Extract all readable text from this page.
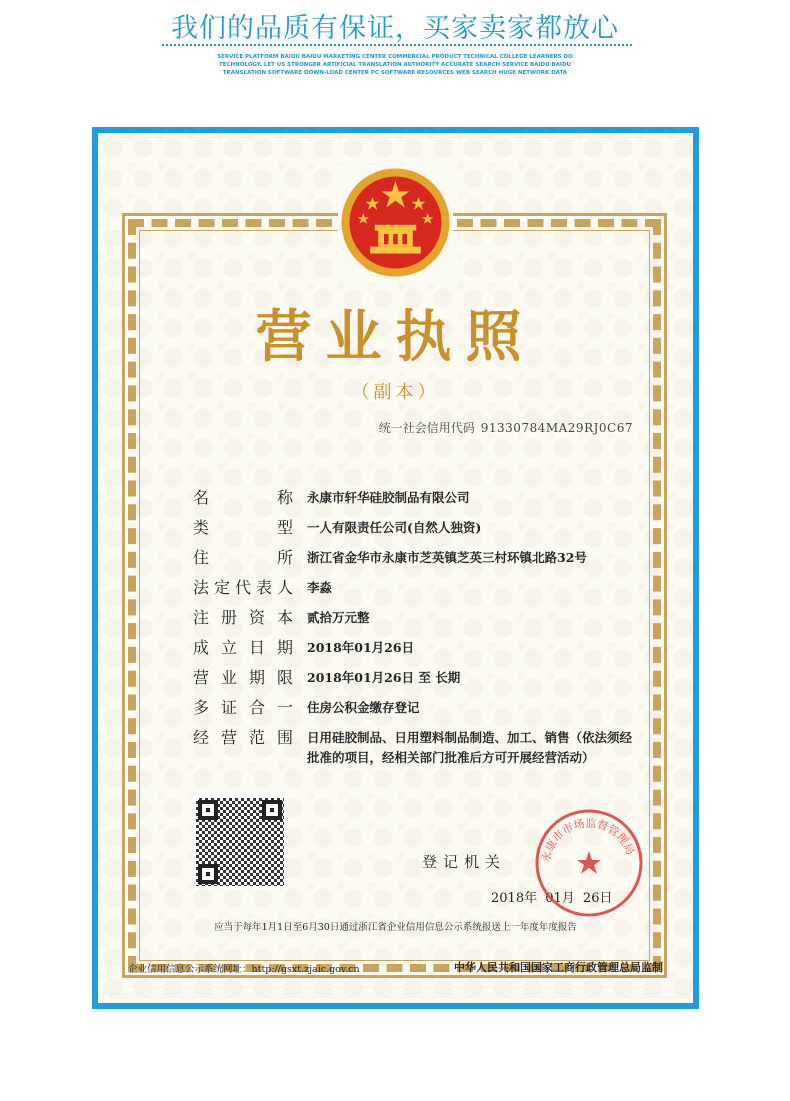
我们的品质有保证，买家卖家都放心
SERVICE PLATFORM BAIDU BAIDU MARKETING CENTER COMMERCIAL PRODUCT TECHNICAL COLLEGE LEARNERS DO TECHNOLOGY. LET US STRONGER ARTIFICIAL TRANSLATION AUTHORITY ACCURATE SEARCH SERVICE BAIDU BAIDU TRANSLATION SOFTWARE DOWN-LOAD CENTER PC SOFTWARE RESOURCES WEB SEARCH HUGE NETWORK DATA
营业执照
（副本）
统一社会信用代码 91330784MA29RJ0C67
名	称 永康市轩华硅胶制品有限公司
类	型 一人有限责任公司(自然人独资)
住	所 浙江省金华市永康市芝英镇芝英三村环镇北路32号
法 定 代 表 人 李淼
注 册 资 本 贰拾万元整
成 立 日 期 2018年01月26日
营 业 期 限 2018年01月26日 至 长期
多 证 合 一 住房公积金缴存登记
经 营 范 围 日用硅胶制品、日用塑料制品制造、加工、销售（依法须经批准的项目，经相关部门批准后方可开展经营活动）
登记机关
2018年 01月 26日
永康市市场监督管理局
应当于每年1月1日至6月30日通过浙江省企业信用信息公示系统报送上一年度年度报告
企业信用信息公示系统网址：http://gsxt.zjaic.gov.cn	中华人民共和国国家工商行政管理总局监制
